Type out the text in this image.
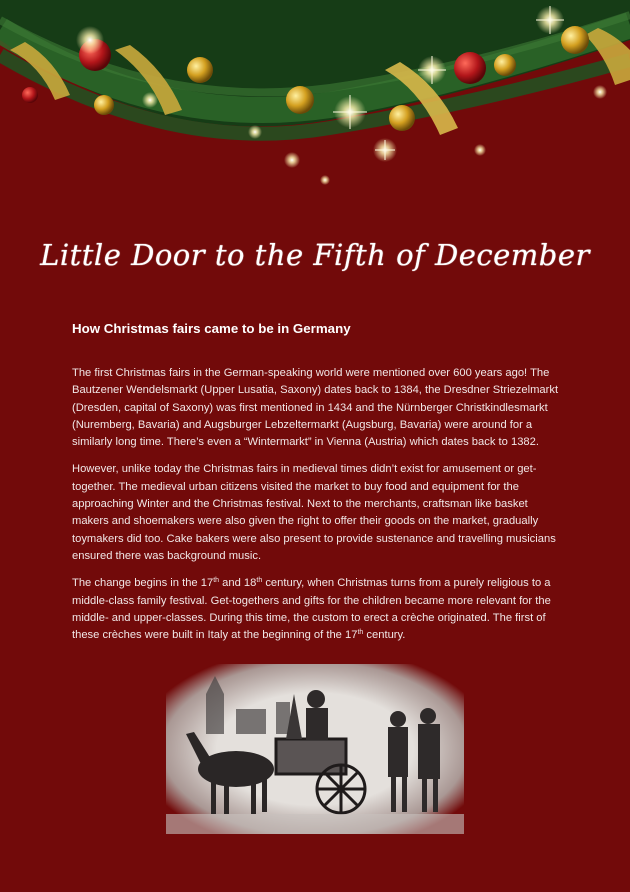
Little Door to the Fifth of December
How Christmas fairs came to be in Germany

The first Christmas fairs in the German-speaking world were mentioned over 600 years ago! The Bautzener Wendelsmarkt (Upper Lusatia, Saxony) dates back to 1384, the Dresdner Striezelmarkt (Dresden, capital of Saxony) was first mentioned in 1434 and the Nürnberger Christkindlesmarkt (Nuremberg, Bavaria) and Augsburger Lebzeltermarkt (Augsburg, Bavaria) were around for a similarly long time. There’s even a “Wintermarkt” in Vienna (Austria) which dates back to 1382.

However, unlike today the Christmas fairs in medieval times didn’t exist for amusement or get-together. The medieval urban citizens visited the market to buy food and equipment for the approaching Winter and the Christmas festival. Next to the merchants, craftsman like basket makers and shoemakers were also given the right to offer their goods on the market, gradually toymakers did too. Cake bakers were also present to provide sustenance and travelling musicians ensured there was background music.

The change begins in the 17th and 18th century, when Christmas turns from a purely religious to a middle-class family festival. Get-togethers and gifts for the children became more relevant for the middle- and upper-classes. During this time, the custom to erect a crèche originated. The first of these crèches were built in Italy at the beginning of the 17th century.
